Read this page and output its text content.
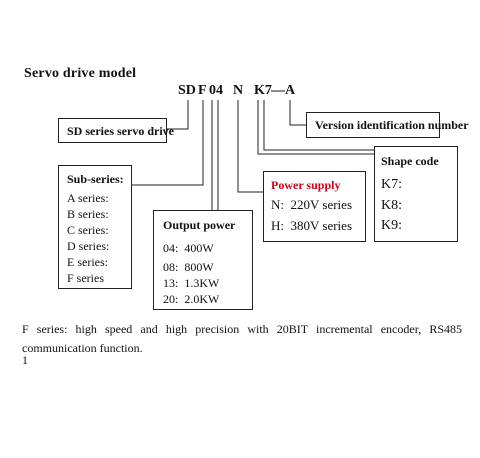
Servo drive model
SD F 04 N K7 — A
SD series servo drive	Version identification number
Sub-series:
A series:
B series:
C series:
D series:
E series:
F series
Output power
04:  400W
08:  800W
13:  1.3KW
20:  2.0KW
Power supply
N:  220V series
H:  380V series
Shape code
K7:
K8:
K9:
F series: high speed and high precision with 20BIT incremental encoder, RS485 communication function.
1
